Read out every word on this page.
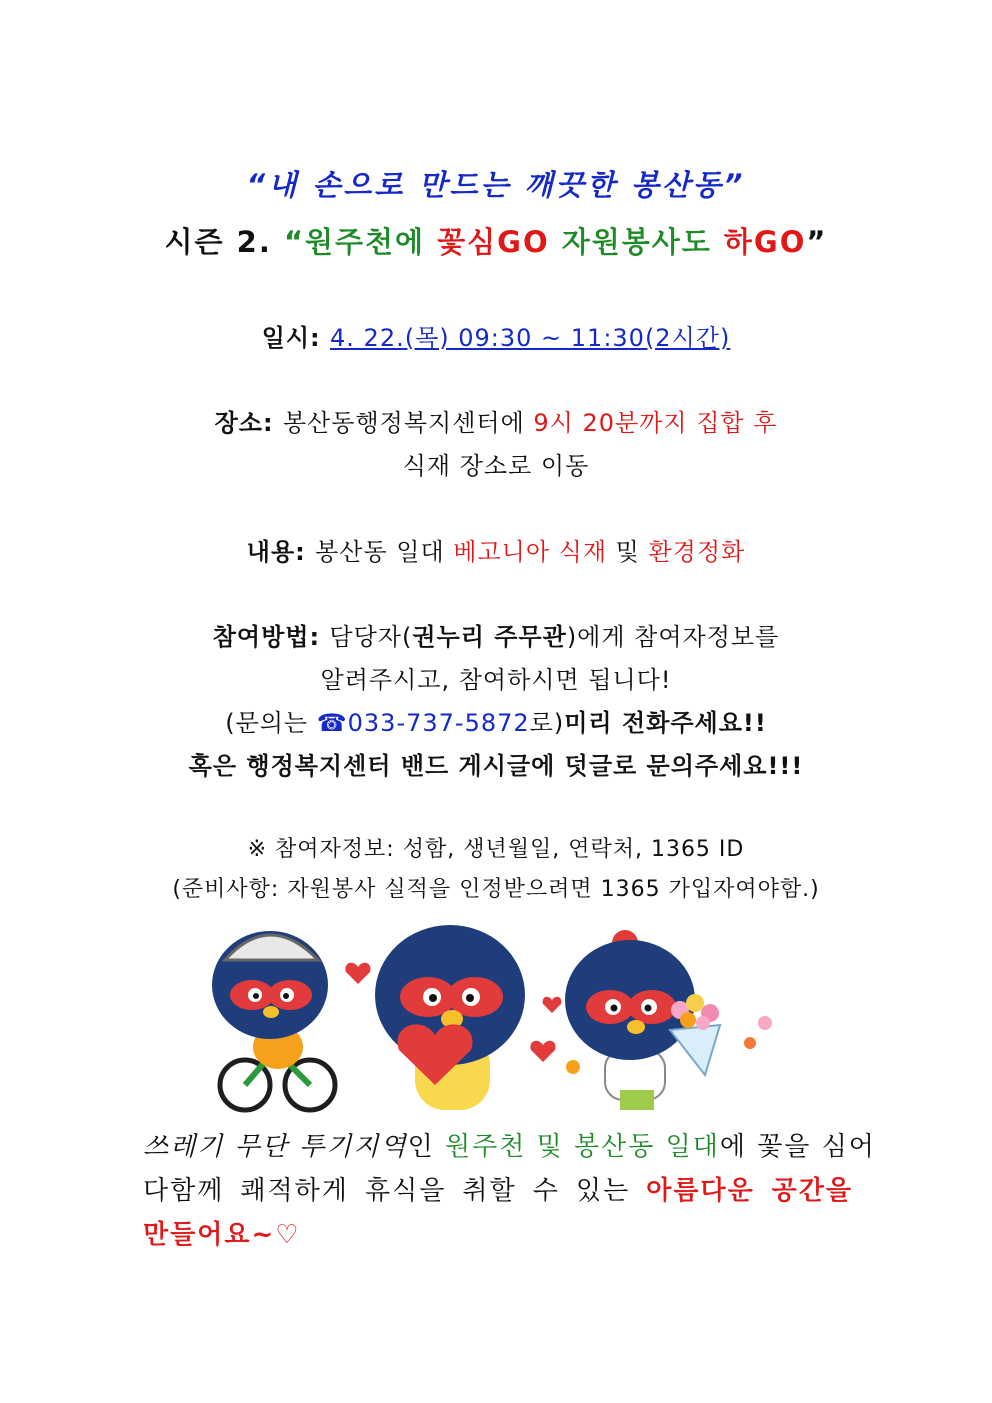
“내 손으로 만드는 깨끗한 봉산동”
시즌 2. “원주천에 꽃심GO 자원봉사도 하GO”
일시: 4. 22.(목) 09:30 ~ 11:30(2시간)
장소: 봉산동행정복지센터에 9시 20분까지 집합 후
식재 장소로 이동
내용: 봉산동 일대 베고니아 식재 및 환경정화
참여방법: 담당자(권누리 주무관)에게 참여자정보를
알려주시고, 참여하시면 됩니다!
(문의는 ☎033-737-5872로)미리 전화주세요!!
혹은 행정복지센터 밴드 게시글에 덧글로 문의주세요!!!
※ 참여자정보: 성함, 생년월일, 연락처, 1365 ID
(준비사항: 자원봉사 실적을 인정받으려면 1365 가입자여야함.)
쓰레기 무단 투기지역인 원주천 및 봉산동 일대에 꽃을 심어
다함께 쾌적하게 휴식을 취할 수 있는 아름다운 공간을
만들어요~♡
